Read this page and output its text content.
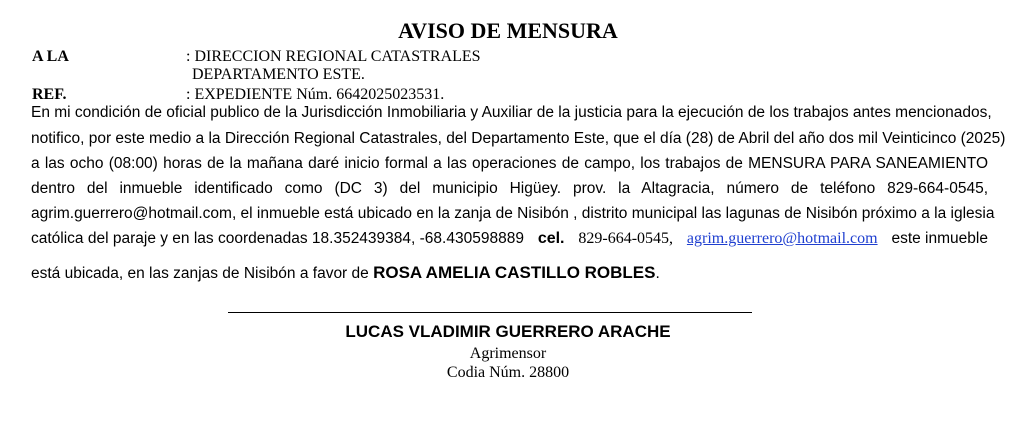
AVISO DE MENSURA
A LA	: DIRECCION REGIONAL CATASTRALES
DEPARTAMENTO ESTE.
REF.	: EXPEDIENTE Núm. 6642025023531.
En mi condición de oficial publico de la Jurisdicción Inmobiliaria y Auxiliar de la justicia para la ejecución de los trabajos antes mencionados,
notifico, por este medio a la Dirección Regional Catastrales, del Departamento Este, que el día (28) de Abril del año dos mil Veinticinco (2025)
a las ocho (08:00) horas de la mañana daré inicio formal a las operaciones de campo, los trabajos de MENSURA PARA SANEAMIENTO
dentro del inmueble identificado como (DC 3) del municipio Higüey. prov. la Altagracia, número de teléfono 829-664-0545,
agrim.guerrero@hotmail.com, el inmueble está ubicado en la zanja de Nisibón , distrito municipal las lagunas de Nisibón próximo a la iglesia
católica del paraje y en las coordenadas 18.352439384, -68.430598889 cel. 829-664-0545, agrim.guerrero@hotmail.com este inmueble
está ubicada, en las zanjas de Nisibón a favor de ROSA AMELIA CASTILLO ROBLES.
LUCAS VLADIMIR GUERRERO ARACHE
Agrimensor
Codia Núm. 28800
